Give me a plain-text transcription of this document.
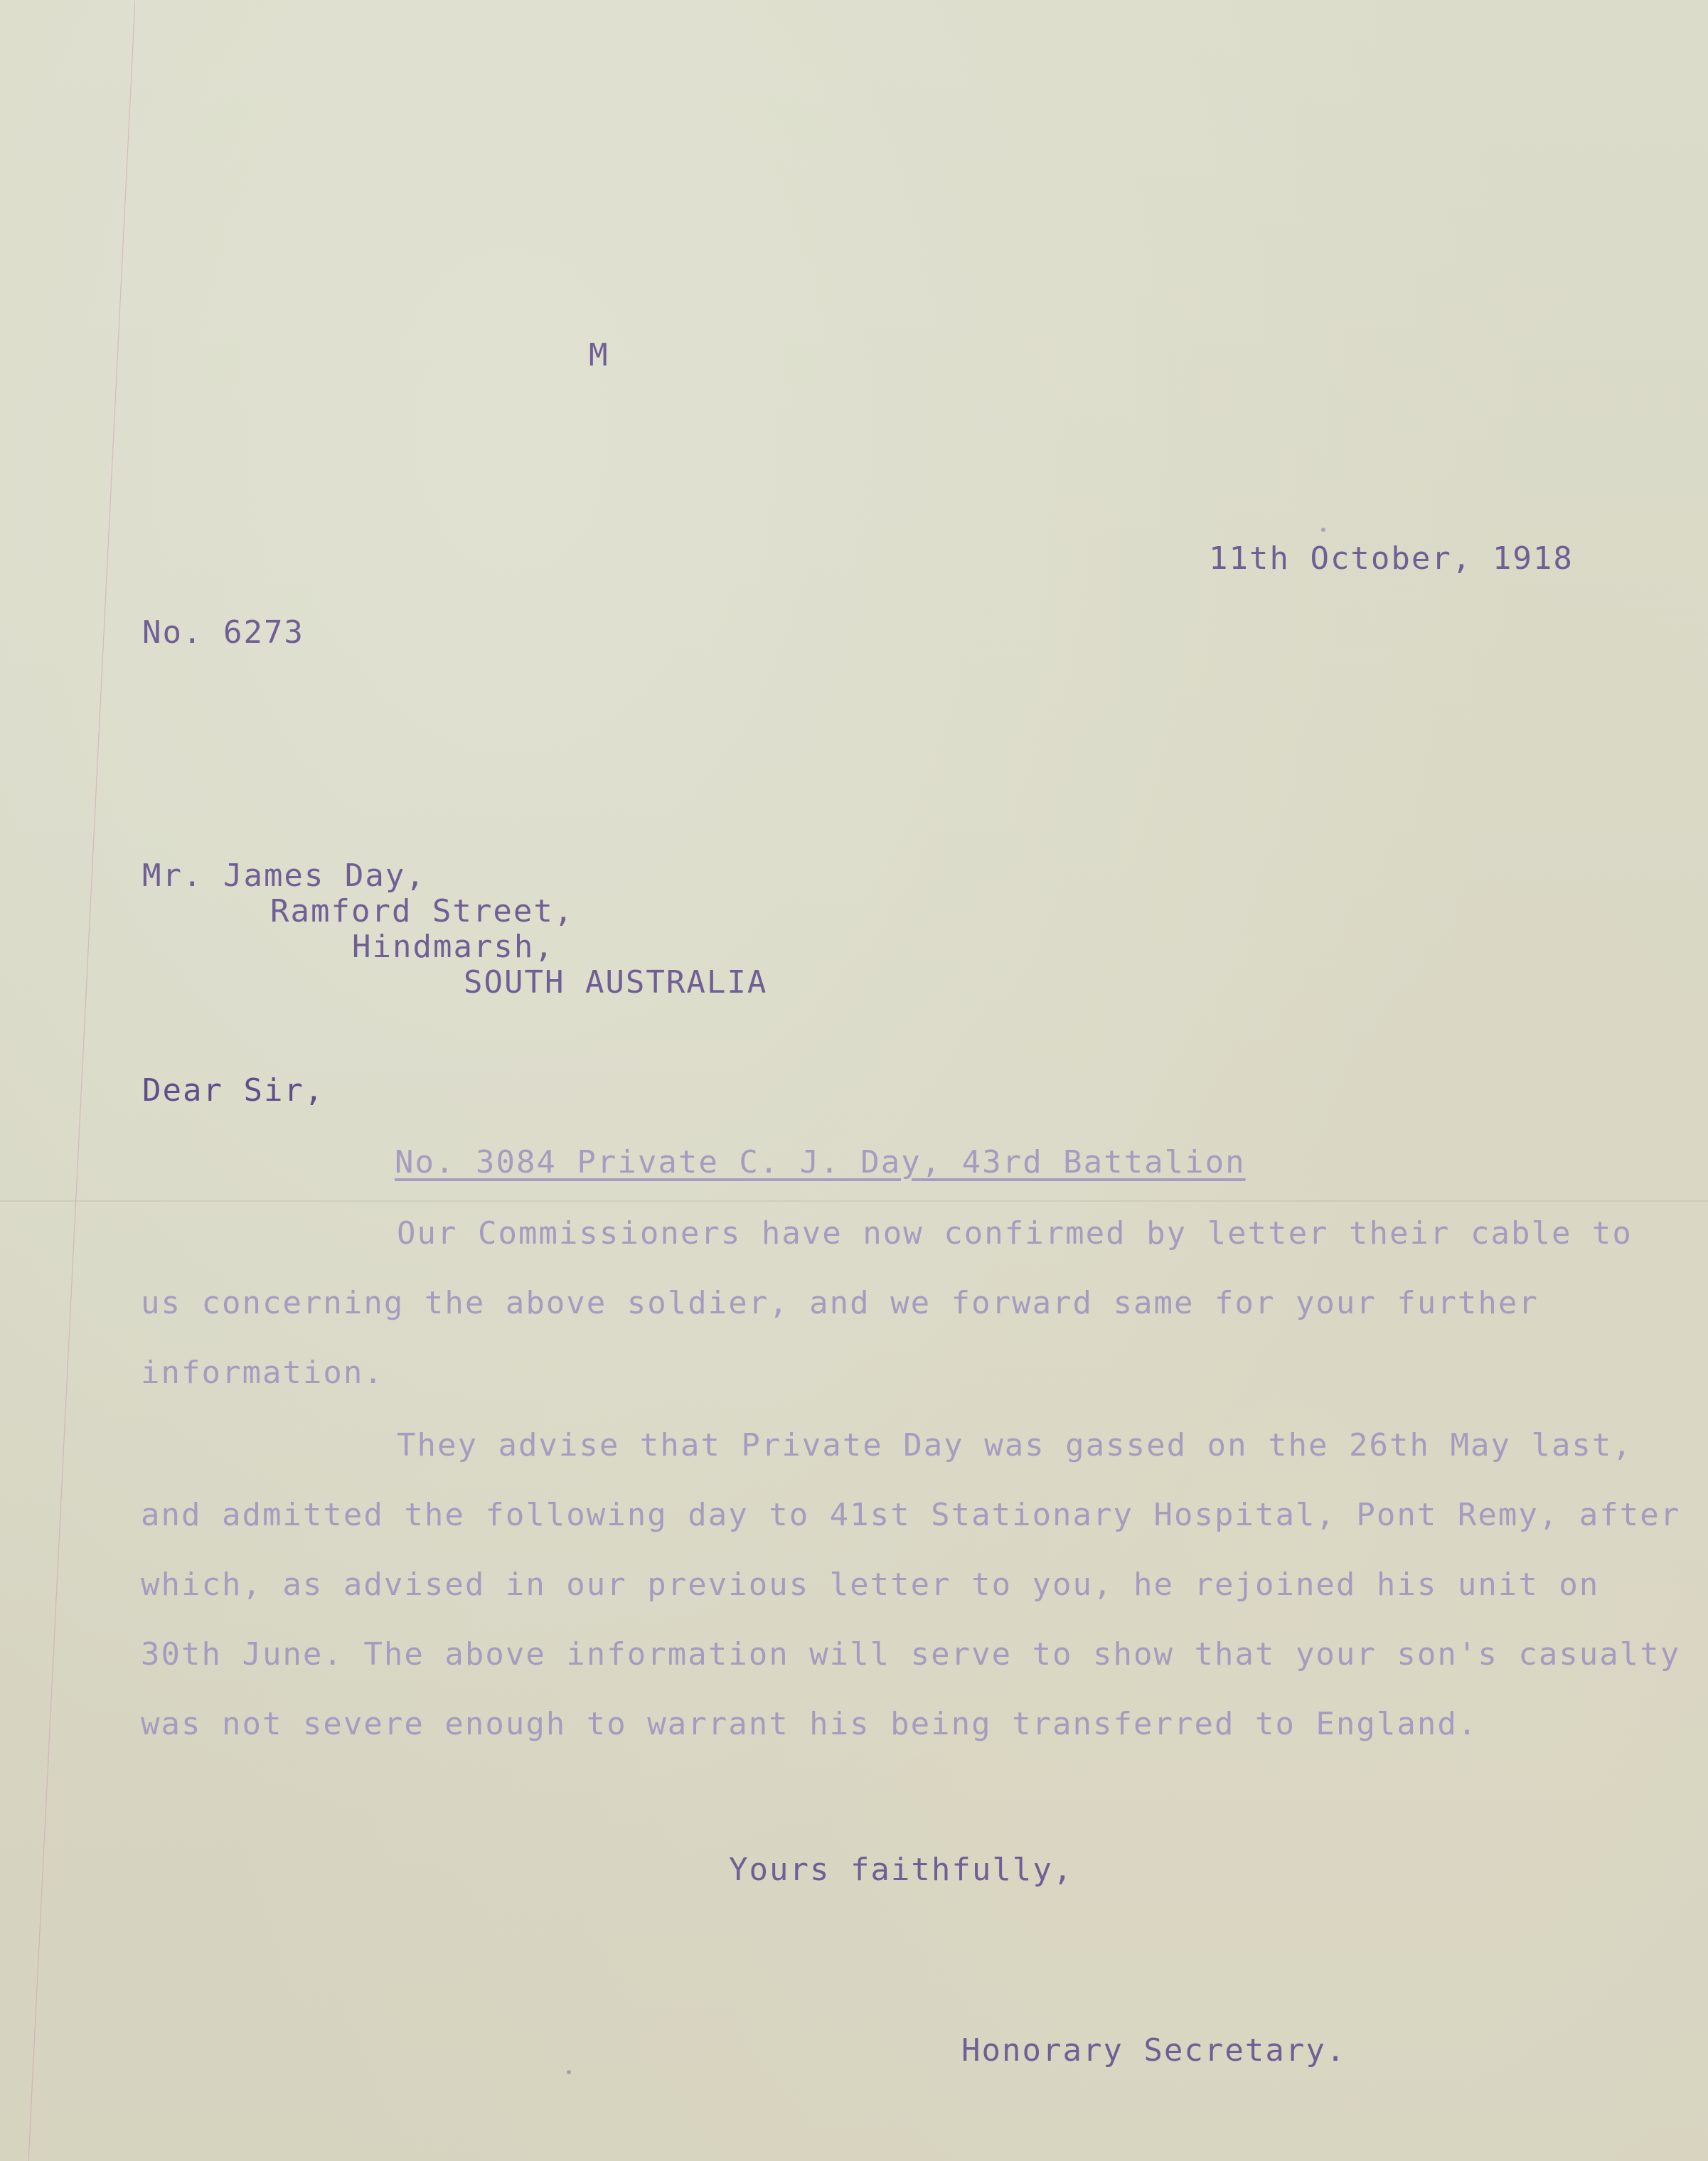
M
11th October, 1918
No. 6273
Mr. James Day,
Ramford Street,
Hindmarsh,
SOUTH AUSTRALIA
Dear Sir,
No. 3084 Private C. J. Day, 43rd Battalion
Our Commissioners have now confirmed by letter their cable to us concerning the above soldier, and we forward same for your further information.
They advise that Private Day was gassed on the 26th May last, and admitted the following day to 41st Stationary Hospital, Pont Remy, after which, as advised in our previous letter to you, he rejoined his unit on 30th June. The above information will serve to show that your son's casualty was not severe enough to warrant his being transferred to England.
Yours faithfully,
Honorary Secretary.
